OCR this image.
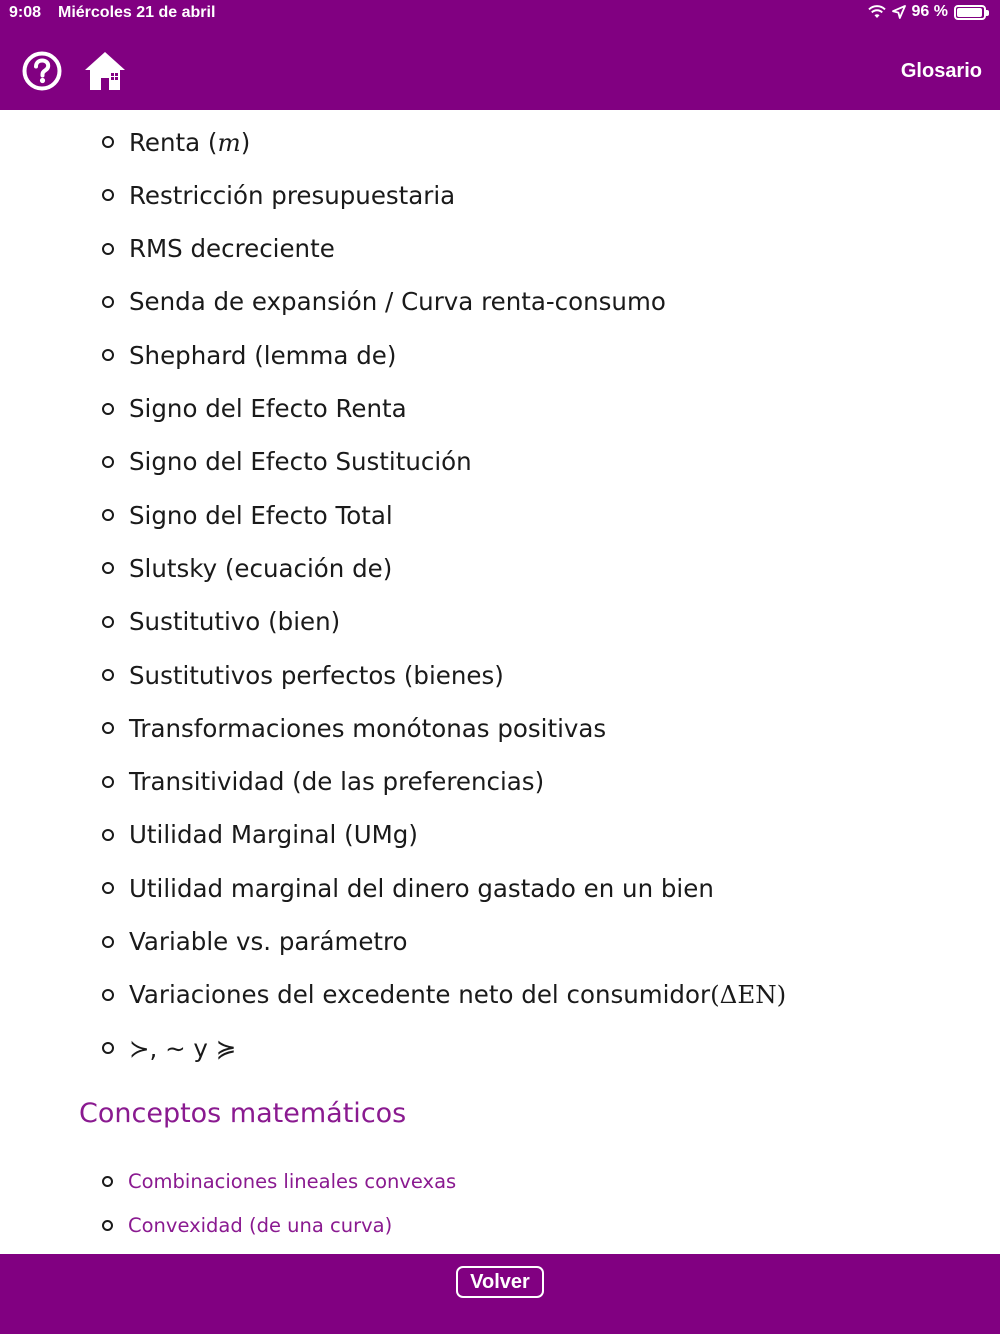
9:08 Miércoles 21 de abril	96 %
Glosario
Renta ( m )
Restricción presupuestaria
RMS decreciente
Senda de expansión / Curva renta-consumo
Shephard (lemma de)
Signo del Efecto Renta
Signo del Efecto Sustitución
Signo del Efecto Total
Slutsky (ecuación de)
Sustitutivo (bien)
Sustitutivos perfectos (bienes)
Transformaciones monótonas positivas
Transitividad (de las preferencias)
Utilidad Marginal (UMg)
Utilidad marginal del dinero gastado en un bien
Variable vs. parámetro
Variaciones del excedente neto del consumidor (ΔEN)
≻, ∼ y ≽
Conceptos matemáticos
Combinaciones lineales convexas
Convexidad (de una curva)
Volver
